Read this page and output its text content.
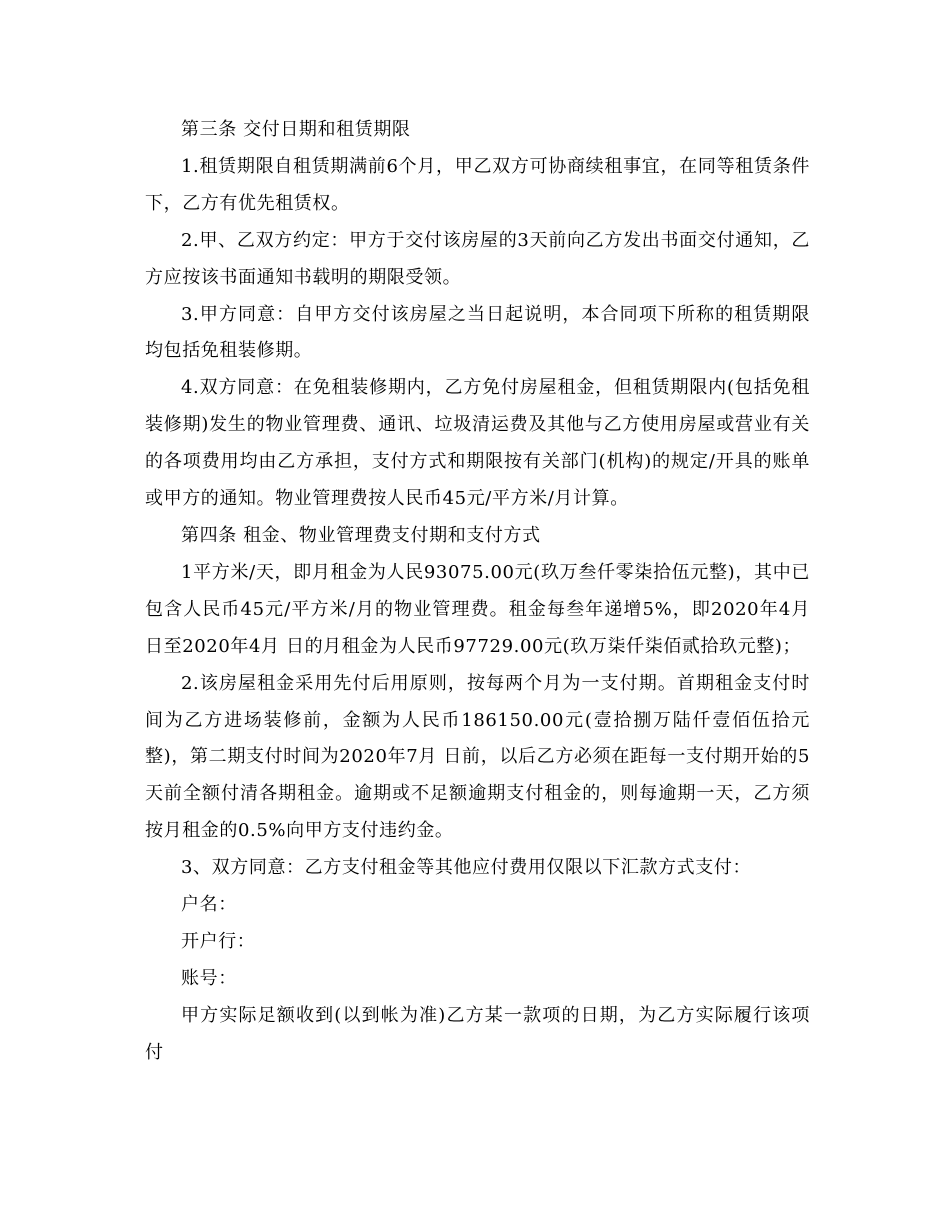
第三条 交付日期和租赁期限

1.租赁期限自租赁期满前6个月，甲乙双方可协商续租事宜，在同等租赁条件下，乙方有优先租赁权。

2.甲、乙双方约定：甲方于交付该房屋的3天前向乙方发出书面交付通知，乙方应按该书面通知书载明的期限受领。

3.甲方同意：自甲方交付该房屋之当日起说明，本合同项下所称的租赁期限均包括免租装修期。

4.双方同意：在免租装修期内，乙方免付房屋租金，但租赁期限内(包括免租装修期)发生的物业管理费、通讯、垃圾清运费及其他与乙方使用房屋或营业有关的各项费用均由乙方承担，支付方式和期限按有关部门(机构)的规定/开具的账单或甲方的通知。物业管理费按人民币45元/平方米/月计算。

第四条 租金、物业管理费支付期和支付方式

1平方米/天，即月租金为人民93075.00元(玖万叁仟零柒拾伍元整)，其中已包含人民币45元/平方米/月的物业管理费。租金每叁年递增5%，即2020年4月 日至2020年4月 日的月租金为人民币97729.00元(玖万柒仟柒佰贰拾玖元整)；

2.该房屋租金采用先付后用原则，按每两个月为一支付期。首期租金支付时间为乙方进场装修前，金额为人民币186150.00元(壹拾捌万陆仟壹佰伍拾元整)，第二期支付时间为2020年7月 日前，以后乙方必须在距每一支付期开始的5天前全额付清各期租金。逾期或不足额逾期支付租金的，则每逾期一天，乙方须按月租金的0.5%向甲方支付违约金。

3、双方同意：乙方支付租金等其他应付费用仅限以下汇款方式支付：

户名：

开户行：

账号：

甲方实际足额收到(以到帐为准)乙方某一款项的日期，为乙方实际履行该项付
